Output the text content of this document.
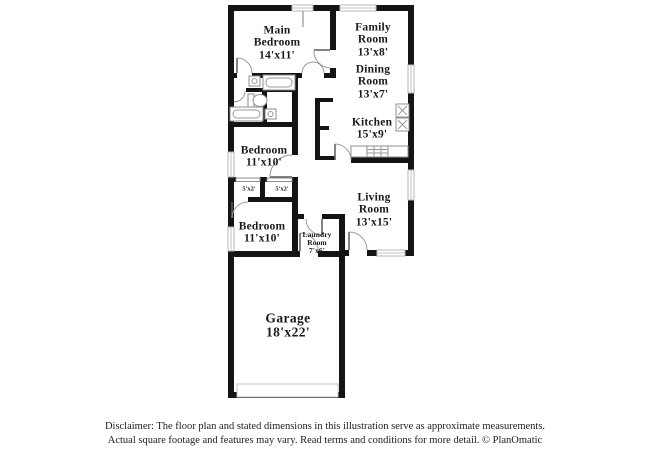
Main Bedroom
14'x11'
Family Room
13'x8'
Dining Room
13'x7'
Kitchen
15'x9'
Bedroom
11'x10'
Living Room
13'x15'
Bedroom
11'x10'	Laundry Room
7'x6'
Garage
18'x22'
5'x2'	5'x2'
Disclaimer: The floor plan and stated dimensions in this illustration serve as approximate measurements.
Actual square footage and features may vary. Read terms and conditions for more detail. © PlanOmatic
